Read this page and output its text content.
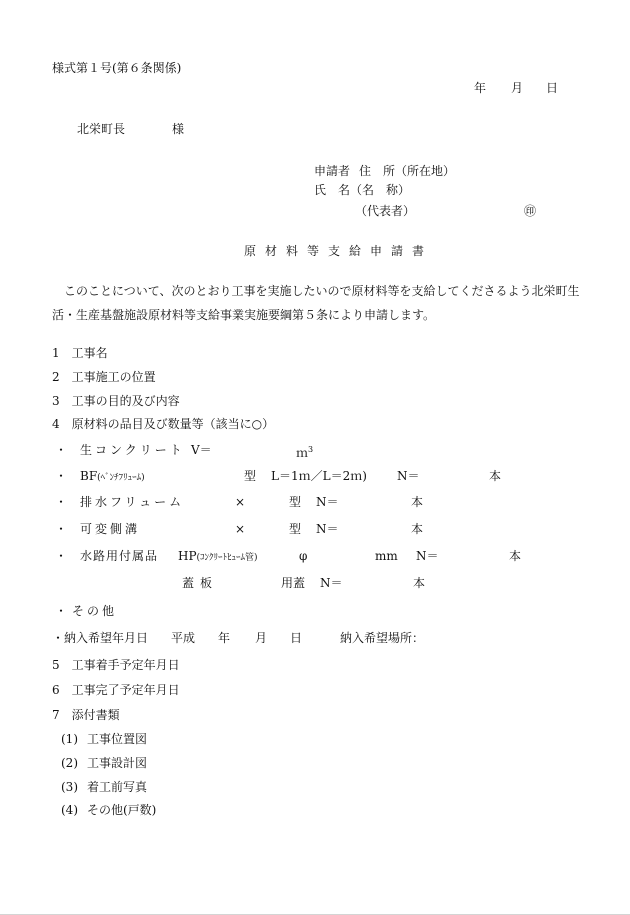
様式第１号(第６条関係)
年 月 日
北栄町長	様
申請者 住　所（所在地）
氏　名（名　称）
（代表者）	㊞
原材料等支給申請書
このことについて、次のとおり工事を実施したいので原材料等を支給してくださるよう北栄町生
活・生産基盤施設原材料等支給事業実施要綱第５条により申請します。
1　工事名
2　工事施工の位置
3　工事の目的及び内容
4　原材料の品目及び数量等（該当に○）
・ 生コンクリート V＝	ｍ$^3$
・ BF(ﾍﾞﾝﾁﾌﾘｭｰﾑ)	型 L＝1ｍ／L＝2ｍ)	N＝	本
・ 排水フリューム	×	型 N＝	本
・ 可変側溝	×	型 N＝	本
・ 水路用付属品 HP(ｺﾝｸﾘｰﾄﾋｭｰﾑ管)	φ	mm N＝	本
蓋板	用蓋 N＝	本
・ その他
・納入希望年月日 平成 年 月 日	納入希望場所：
5　工事着手予定年月日
6　工事完了予定年月日
7　添付書類
(1) 工事位置図
(2) 工事設計図
(3) 着工前写真
(4) その他(戸数)
